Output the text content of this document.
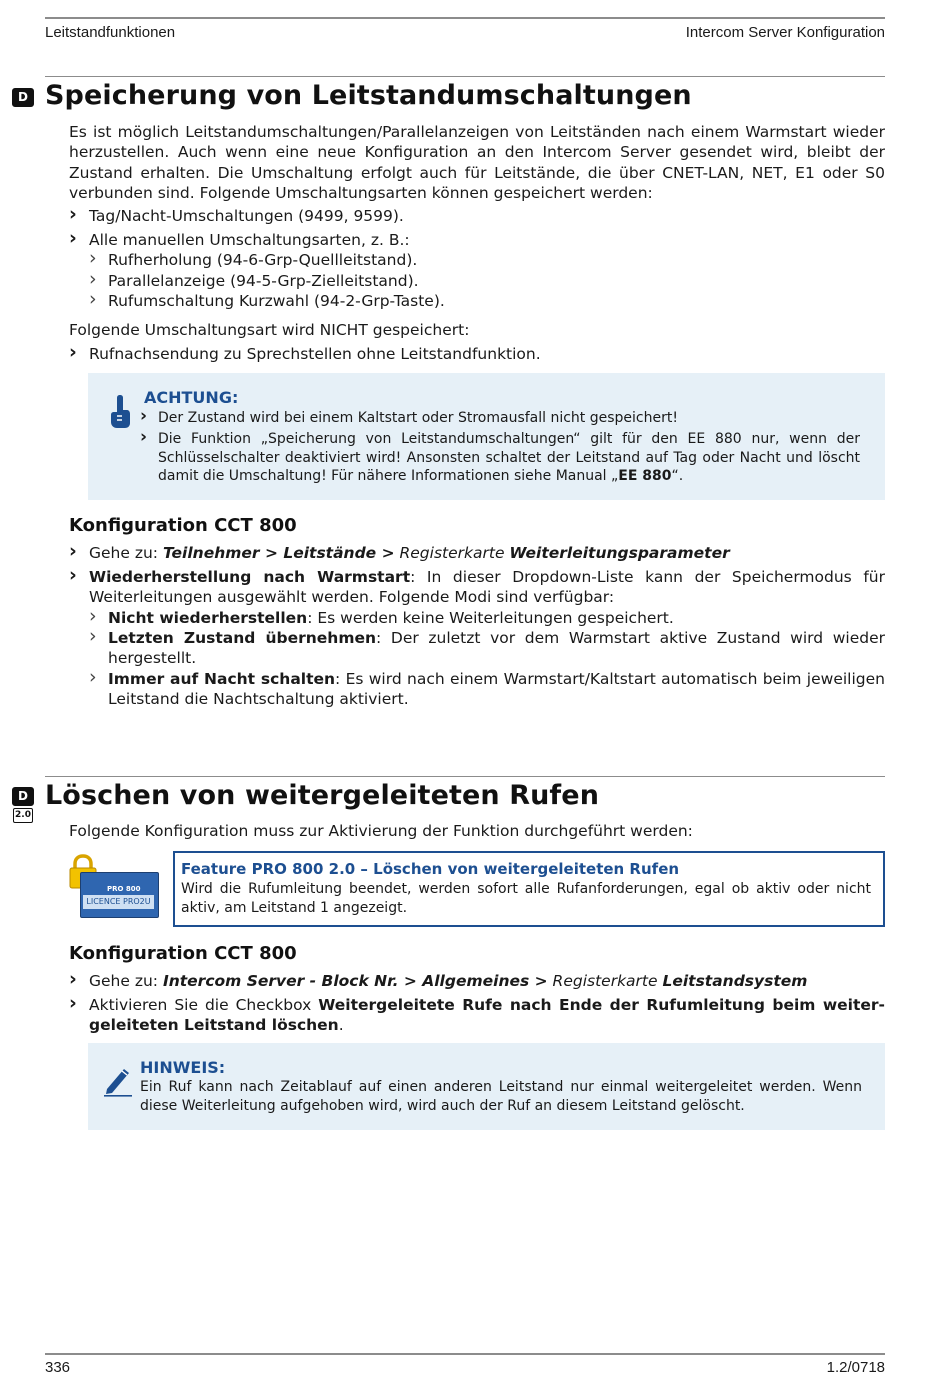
Leitstandfunktionen	Intercom Server Konfiguration
D Speicherung von Leitstandumschaltungen
Es ist möglich Leitstandumschaltungen/Parallelanzeigen von Leitständen nach einem Warmstart wieder herzustellen. Auch wenn eine neue Konfiguration an den Intercom Server gesendet wird, bleibt der Zustand erhalten. Die Umschaltung erfolgt auch für Leitstände, die über CNET-LAN, NET, E1 oder S0 verbunden sind. Folgende Umschaltungsarten können gespeichert werden:
› Tag/Nacht-Umschaltungen (9499, 9599).
› Alle manuellen Umschaltungsarten, z. B.:
› Rufherholung (94-6-Grp-Quellleitstand).
› Parallelanzeige (94-5-Grp-Zielleitstand).
› Rufumschaltung Kurzwahl (94-2-Grp-Taste).
Folgende Umschaltungsart wird NICHT gespeichert:
› Rufnachsendung zu Sprechstellen ohne Leitstandfunktion.
ACHTUNG:
› Der Zustand wird bei einem Kaltstart oder Stromausfall nicht gespeichert!
› Die Funktion „Speicherung von Leitstandumschaltungen“ gilt für den EE 880 nur, wenn der Schlüsselschalter deaktiviert wird! Ansonsten schaltet der Leitstand auf Tag oder Nacht und löscht damit die Umschaltung! Für nähere Informationen siehe Manual „EE 880“.
Konfiguration CCT 800
› Gehe zu: Teilnehmer > Leitstände > Registerkarte Weiterleitungsparameter
› Wiederherstellung nach Warmstart: In dieser Dropdown-Liste kann der Speichermodus für Weiterleitungen ausgewählt werden. Folgende Modi sind verfügbar:
› Nicht wiederherstellen: Es werden keine Weiterleitungen gespeichert.
› Letzten Zustand übernehmen: Der zuletzt vor dem Warmstart aktive Zustand wird wieder hergestellt.
› Immer auf Nacht schalten: Es wird nach einem Warmstart/Kaltstart automatisch beim jeweiligen Leitstand die Nachtschaltung aktiviert.
D
2.0
Löschen von weitergeleiteten Rufen
Folgende Konfiguration muss zur Aktivierung der Funktion durchgeführt werden:
PRO 800
LICENCE PRO2U
Feature PRO 800 2.0 – Löschen von weitergeleiteten Rufen
Wird die Rufumleitung beendet, werden sofort alle Rufanforderungen, egal ob aktiv oder nicht aktiv, am Leitstand 1 angezeigt.
Konfiguration CCT 800
› Gehe zu: Intercom Server - Block Nr. > Allgemeines > Registerkarte Leitstandsystem
› Aktivieren Sie die Checkbox Weitergeleitete Rufe nach Ende der Rufumleitung beim weiter-geleiteten Leitstand löschen.
HINWEIS:
Ein Ruf kann nach Zeitablauf auf einen anderen Leitstand nur einmal weitergeleitet werden. Wenn diese Weiterleitung aufgehoben wird, wird auch der Ruf an diesem Leitstand gelöscht.
336	1.2/0718
